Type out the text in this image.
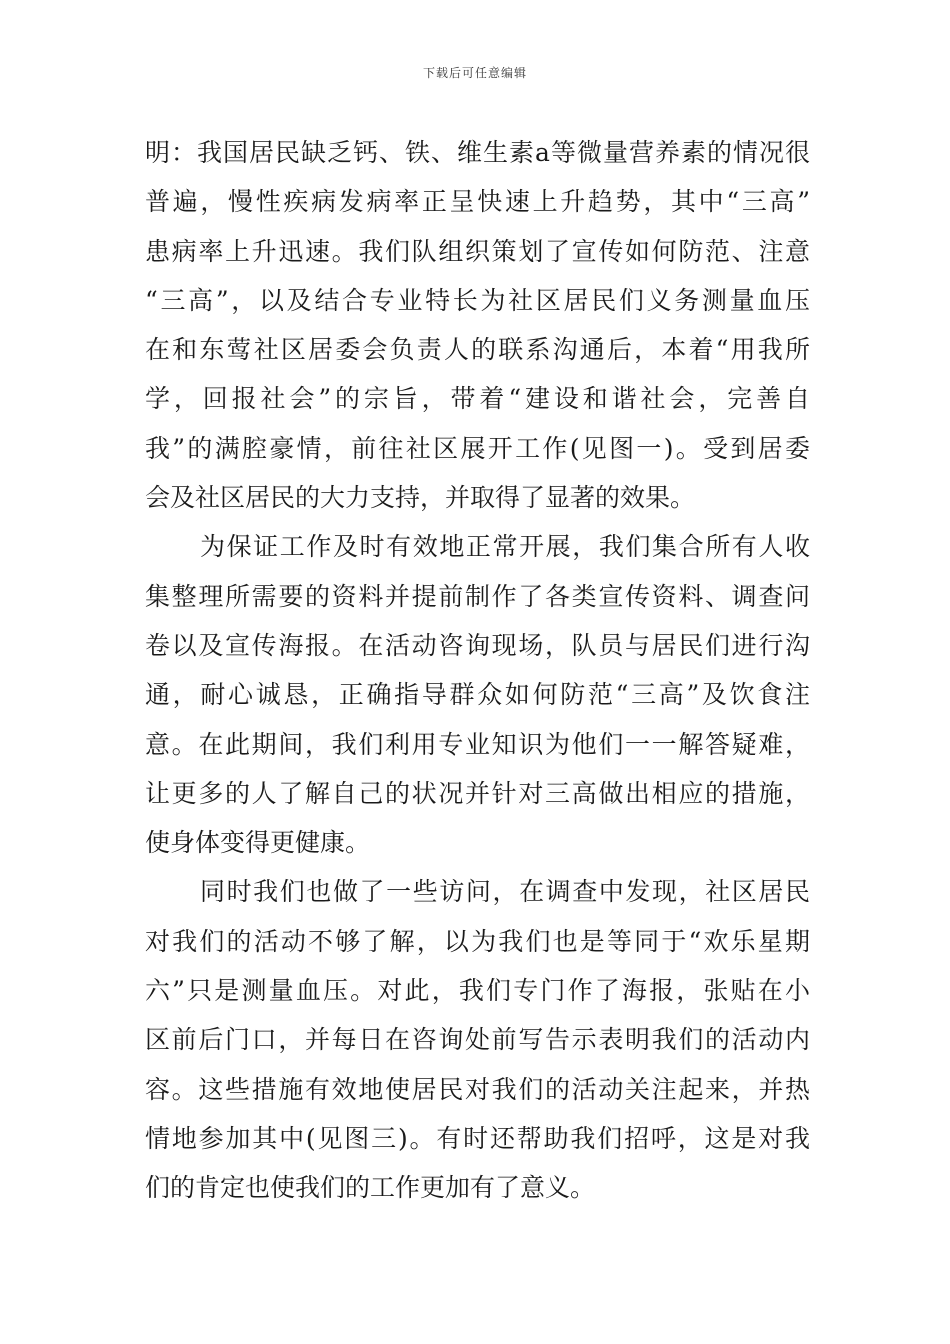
下载后可任意编辑
明：我国居民缺乏钙、铁、维生素a等微量营养素的情况很
普遍，慢性疾病发病率正呈快速上升趋势，其中“三高”
患病率上升迅速。我们队组织策划了宣传如何防范、注意
“三高”，以及结合专业特长为社区居民们义务测量血压
在和东莺社区居委会负责人的联系沟通后，本着“用我所
学，回报社会”的宗旨，带着“建设和谐社会，完善自
我”的满腔豪情，前往社区展开工作(见图一)。受到居委
会及社区居民的大力支持，并取得了显著的效果。
为保证工作及时有效地正常开展，我们集合所有人收
集整理所需要的资料并提前制作了各类宣传资料、调查问
卷以及宣传海报。在活动咨询现场，队员与居民们进行沟
通，耐心诚恳，正确指导群众如何防范“三高”及饮食注
意。在此期间，我们利用专业知识为他们一一解答疑难，
让更多的人了解自己的状况并针对三高做出相应的措施，
使身体变得更健康。
同时我们也做了一些访问，在调查中发现，社区居民
对我们的活动不够了解，以为我们也是等同于“欢乐星期
六”只是测量血压。对此，我们专门作了海报，张贴在小
区前后门口，并每日在咨询处前写告示表明我们的活动内
容。这些措施有效地使居民对我们的活动关注起来，并热
情地参加其中(见图三)。有时还帮助我们招呼，这是对我
们的肯定也使我们的工作更加有了意义。
